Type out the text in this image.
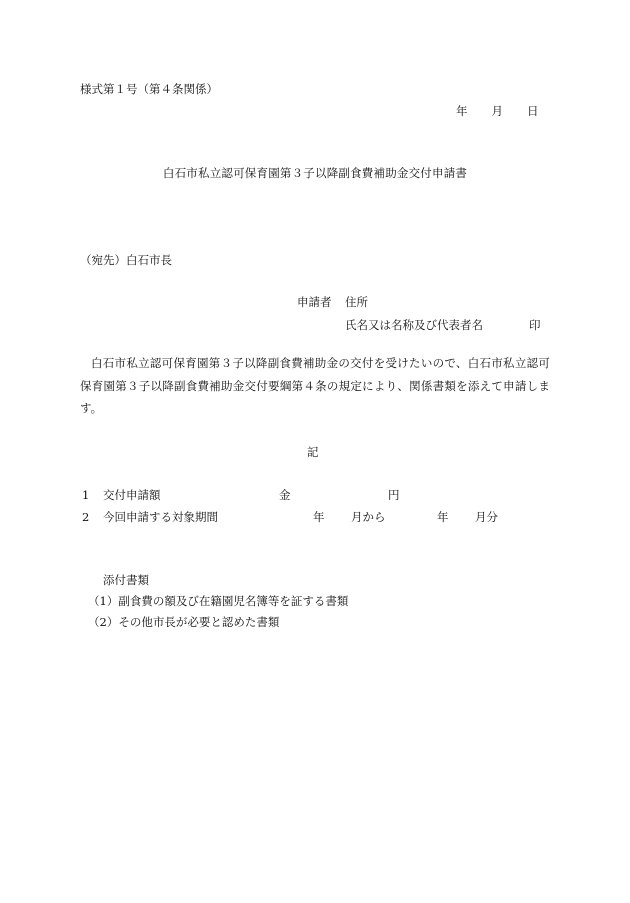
様式第１号（第４条関係）
年 月 日
白石市私立認可保育園第３子以降副食費補助金交付申請書
（宛先）白石市長
申請者 住所
氏名又は名称及び代表者名	印
白石市私立認可保育園第３子以降副食費補助金の交付を受けたいので、白石市私立認可保育園第３子以降副食費補助金交付要綱第４条の規定により、関係書類を添えて申請します。
記
1 交付申請額	金	円
2 今回申請する対象期間	年 月から	年 月分
添付書類
（1）副食費の額及び在籍園児名簿等を証する書類
（2）その他市長が必要と認めた書類
